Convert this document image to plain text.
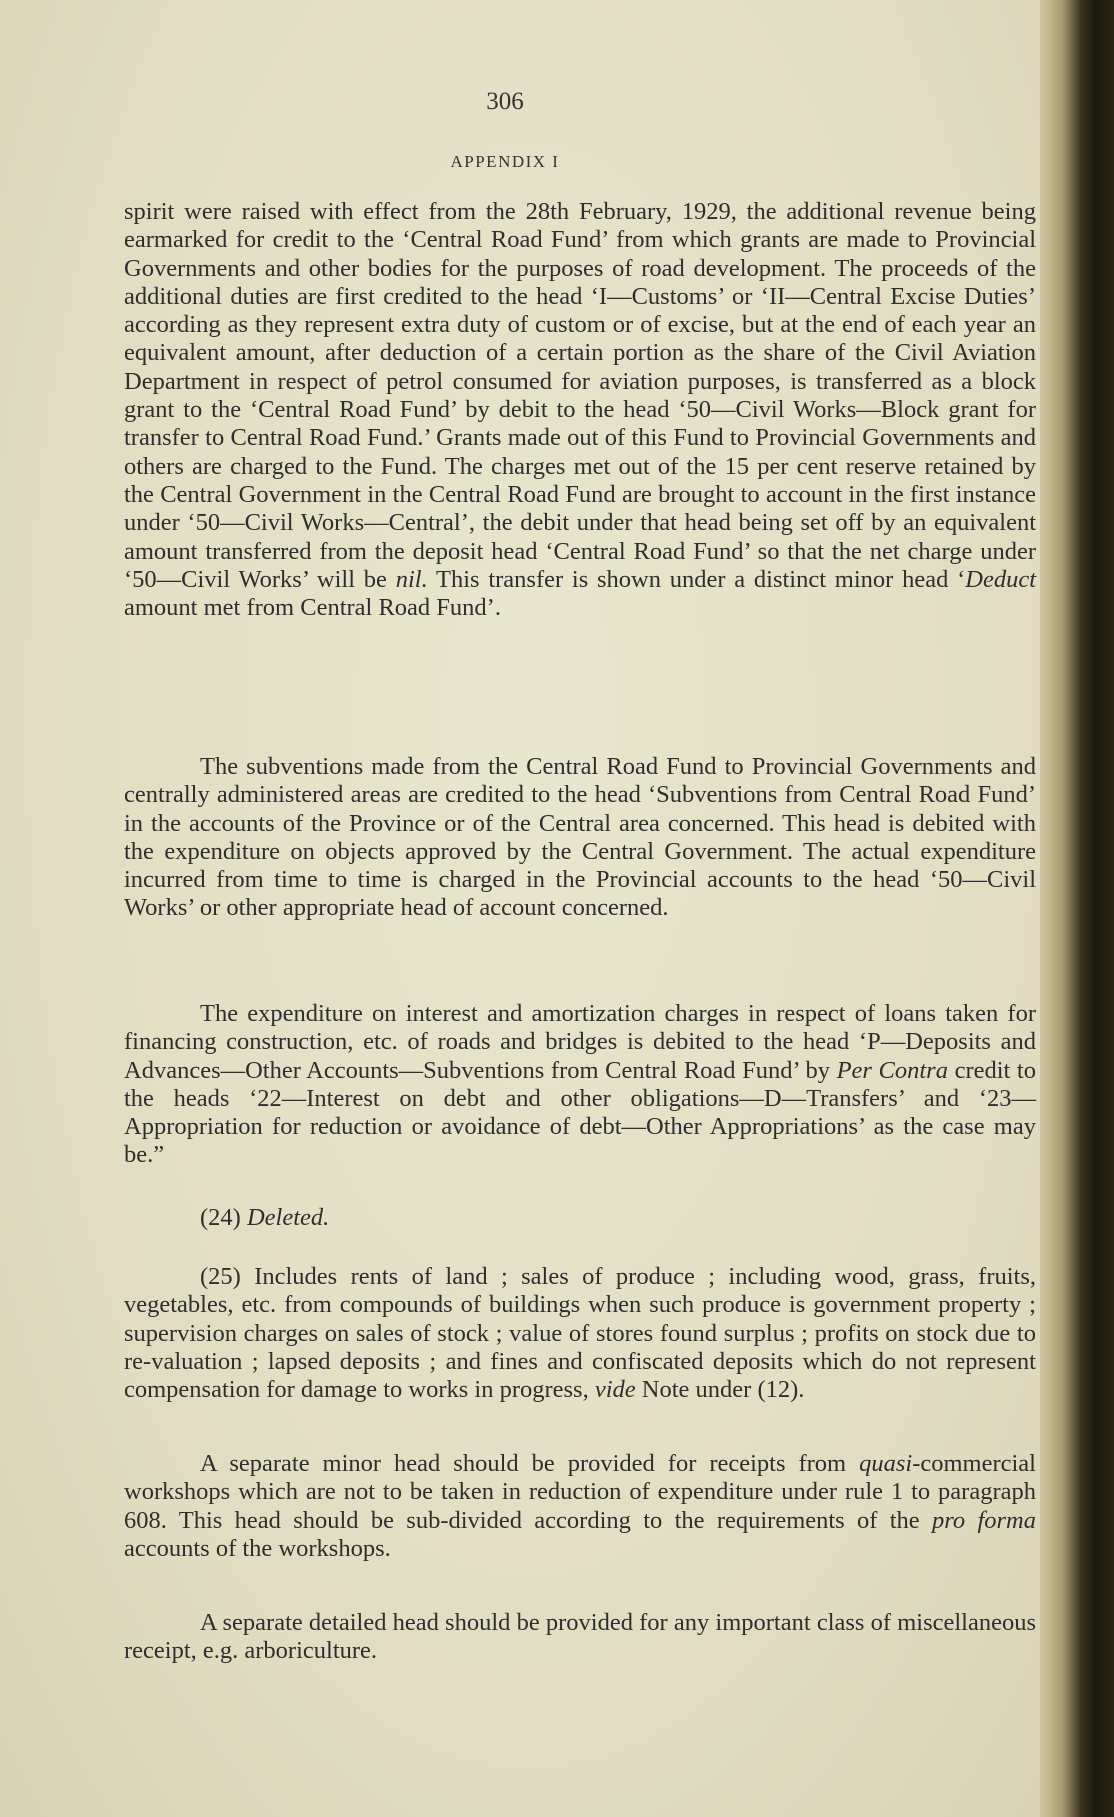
306
APPENDIX I

spirit were raised with effect from the 28th February, 1929, the additional revenue being earmarked for credit to the ‘Central Road Fund’ from which grants are made to Provincial Governments and other bodies for the purposes of road development. The proceeds of the additional duties are first credited to the head ‘I—Customs’ or ‘II—Central Excise Duties’ according as they represent extra duty of custom or of excise, but at the end of each year an equivalent amount, after deduction of a certain portion as the share of the Civil Aviation Department in respect of petrol consumed for aviation purposes, is transferred as a block grant to the ‘Central Road Fund’ by debit to the head ‘50—Civil Works—Block grant for transfer to Central Road Fund.’ Grants made out of this Fund to Provincial Governments and others are charged to the Fund. The charges met out of the 15 per cent reserve retained by the Central Government in the Central Road Fund are brought to account in the first instance under ‘50—Civil Works—Central’, the debit under that head being set off by an equivalent amount transferred from the deposit head ‘Central Road Fund’ so that the net charge under ‘50—Civil Works’ will be nil. This transfer is shown under a distinct minor head ‘Deduct amount met from Central Road Fund’.

The subventions made from the Central Road Fund to Provincial Governments and centrally administered areas are credited to the head ‘Subventions from Central Road Fund’ in the accounts of the Province or of the Central area concerned. This head is debited with the expenditure on objects approved by the Central Government. The actual expenditure incurred from time to time is charged in the Provincial accounts to the head ‘50—Civil Works’ or other appropriate head of account concerned.

The expenditure on interest and amortization charges in respect of loans taken for financing construction, etc. of roads and bridges is debited to the head ‘P—Deposits and Advances—Other Accounts—Subventions from Central Road Fund’ by Per Contra credit to the heads ‘22—Interest on debt and other obligations—D—Transfers’ and ‘23—Appropriation for reduction or avoidance of debt—Other Appropriations’ as the case may be.”

(24) Deleted.

(25) Includes rents of land ; sales of produce ; including wood, grass, fruits, vegetables, etc. from compounds of buildings when such produce is government property ; supervision charges on sales of stock ; value of stores found surplus ; profits on stock due to re-valuation ; lapsed deposits ; and fines and confiscated deposits which do not represent compensation for damage to works in progress, vide Note under (12).

A separate minor head should be provided for receipts from quasi-commercial workshops which are not to be taken in reduction of expenditure under rule 1 to paragraph 608. This head should be sub-divided according to the requirements of the pro forma accounts of the workshops.

A separate detailed head should be provided for any important class of miscellaneous receipt, e.g. arboriculture.
